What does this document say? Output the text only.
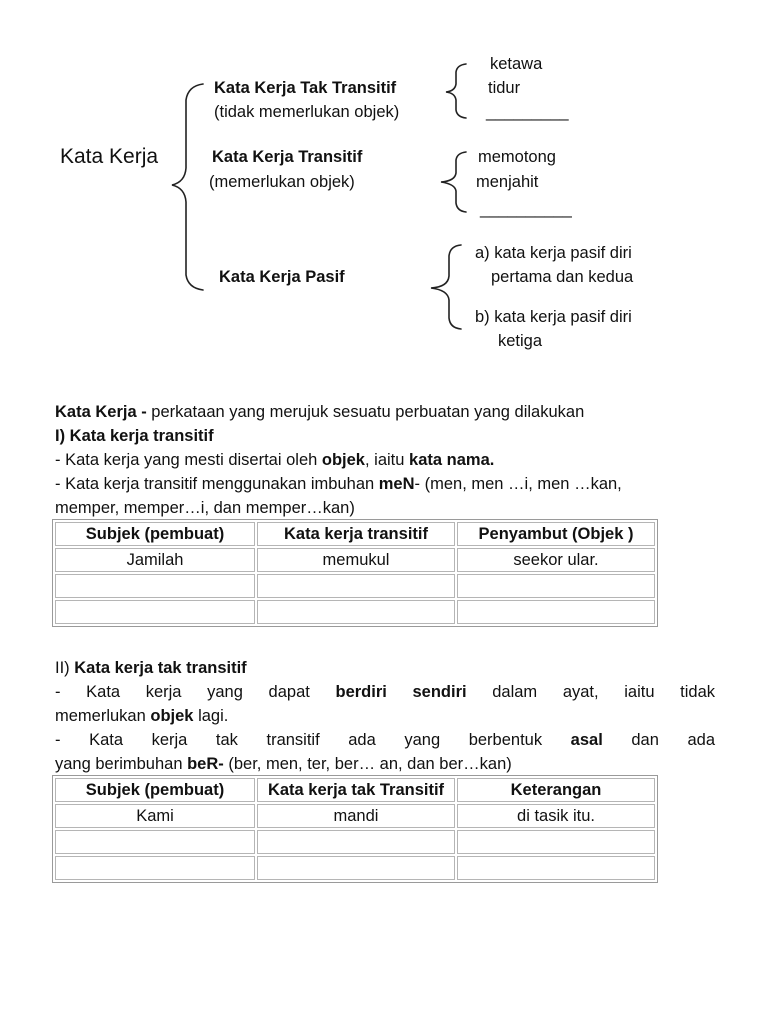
Kata Kerja
Kata Kerja Tak Transitif
(tidak memerlukan objek)
ketawa
tidur
_________
Kata Kerja Transitif
(memerlukan objek)
memotong
menjahit
__________
Kata Kerja Pasif
a) kata kerja pasif diri
pertama dan kedua
b) kata kerja pasif diri
ketiga
Kata Kerja - perkataan yang merujuk sesuatu perbuatan yang dilakukan
I) Kata kerja transitif
- Kata kerja yang mesti disertai oleh objek, iaitu kata nama.
- Kata kerja transitif menggunakan imbuhan meN- (men, men …i, men …kan,
memper, memper…i, dan memper…kan)
Subjek (pembuat)	Kata kerja transitif	Penyambut (Objek )
Jamilah	memukul	seekor ular.

II) Kata kerja tak transitif
- Kata kerja yang dapat berdiri sendiri dalam ayat, iaitu tidak
memerlukan objek lagi.
- Kata kerja tak transitif ada yang berbentuk asal dan ada
yang berimbuhan beR- (ber, men, ter, ber… an, dan ber…kan)
Subjek (pembuat)	Kata kerja tak Transitif	Keterangan
Kami	mandi	di tasik itu.
